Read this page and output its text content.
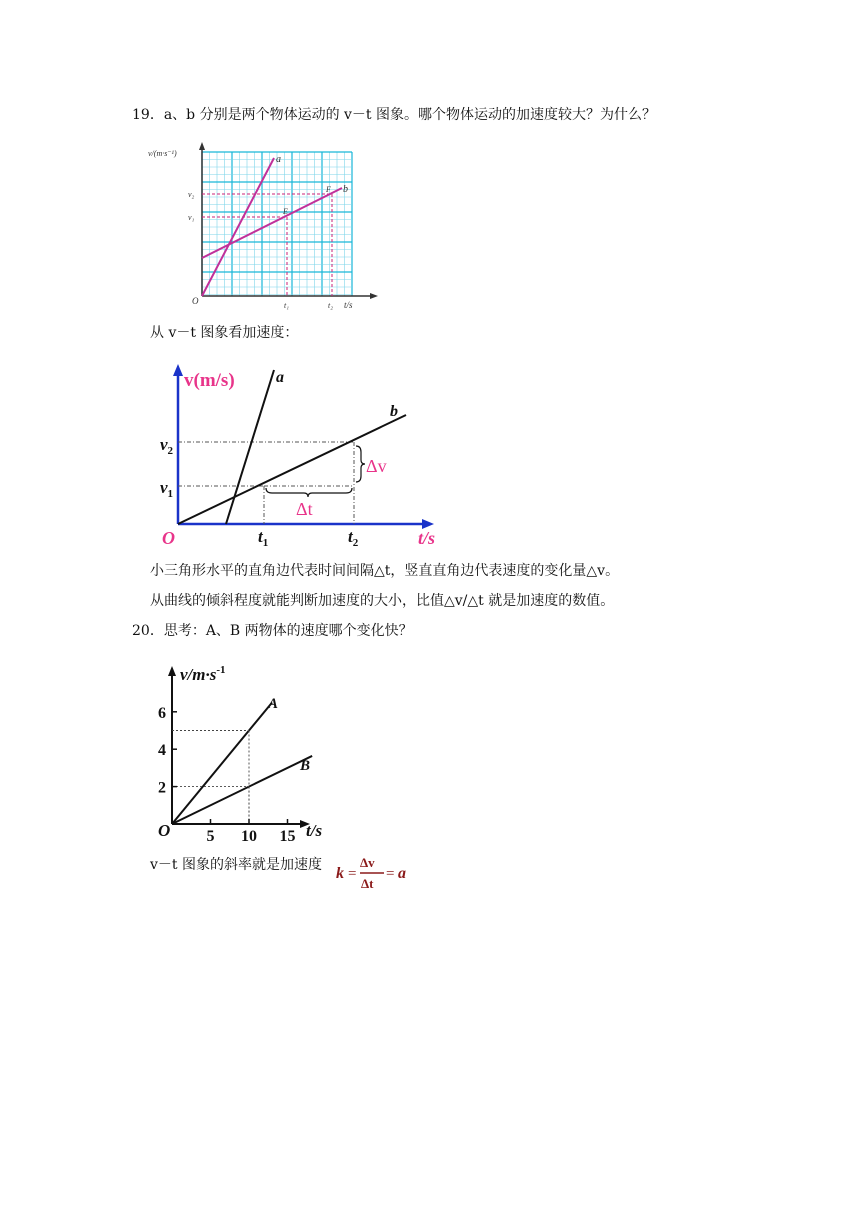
19．a、b 分别是两个物体运动的 v－t 图象。哪个物体运动的加速度较大？为什么？
v/(m·s⁻¹)
O	t/s
a
b
E
F
v₂
v₁
t₁	t₂
从 v－t 图象看加速度：
v(m/s)	a
b
O	t/s
$v_2$
$v_1$
$t_1$	$t_2$
Δv
Δt
小三角形水平的直角边代表时间间隔△t，竖直直角边代表速度的变化量△v。
从曲线的倾斜程度就能判断加速度的大小，比值△v/△t 就是加速度的数值。
20．思考：A、B 两物体的速度哪个变化快？
6
4
2
5 10 15
$v/m\cdot s^{-1}$
t/s
O
A
B
v－t 图象的斜率就是加速度 k =
Δv
Δt
= a
